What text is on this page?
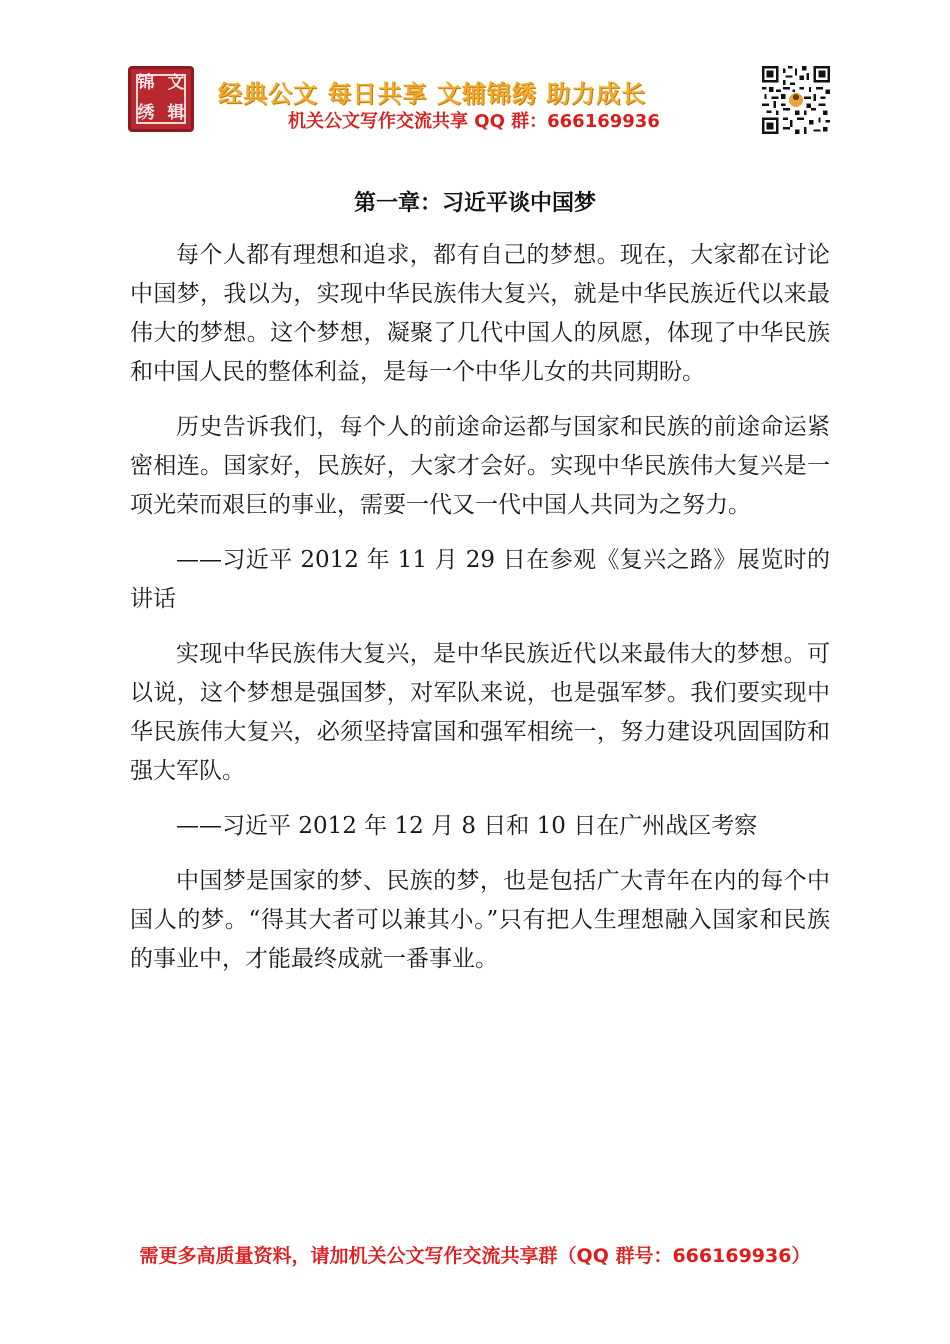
锦 文
绣 辑
经典公文 每日共享 文辅锦绣 助力成长
机关公文写作交流共享 QQ 群：666169936
第一章：习近平谈中国梦

每个人都有理想和追求，都有自己的梦想。现在，大家都在讨论中国梦，我以为，实现中华民族伟大复兴，就是中华民族近代以来最伟大的梦想。这个梦想，凝聚了几代中国人的夙愿，体现了中华民族和中国人民的整体利益，是每一个中华儿女的共同期盼。

历史告诉我们，每个人的前途命运都与国家和民族的前途命运紧密相连。国家好，民族好，大家才会好。实现中华民族伟大复兴是一项光荣而艰巨的事业，需要一代又一代中国人共同为之努力。

——习近平 2012 年 11 月 29 日在参观《复兴之路》展览时的讲话

实现中华民族伟大复兴，是中华民族近代以来最伟大的梦想。可以说，这个梦想是强国梦，对军队来说，也是强军梦。我们要实现中华民族伟大复兴，必须坚持富国和强军相统一，努力建设巩固国防和强大军队。

——习近平 2012 年 12 月 8 日和 10 日在广州战区考察

中国梦是国家的梦、民族的梦，也是包括广大青年在内的每个中国人的梦。“得其大者可以兼其小。”只有把人生理想融入国家和民族的事业中，才能最终成就一番事业。

需更多高质量资料，请加机关公文写作交流共享群（QQ 群号：666169936）
